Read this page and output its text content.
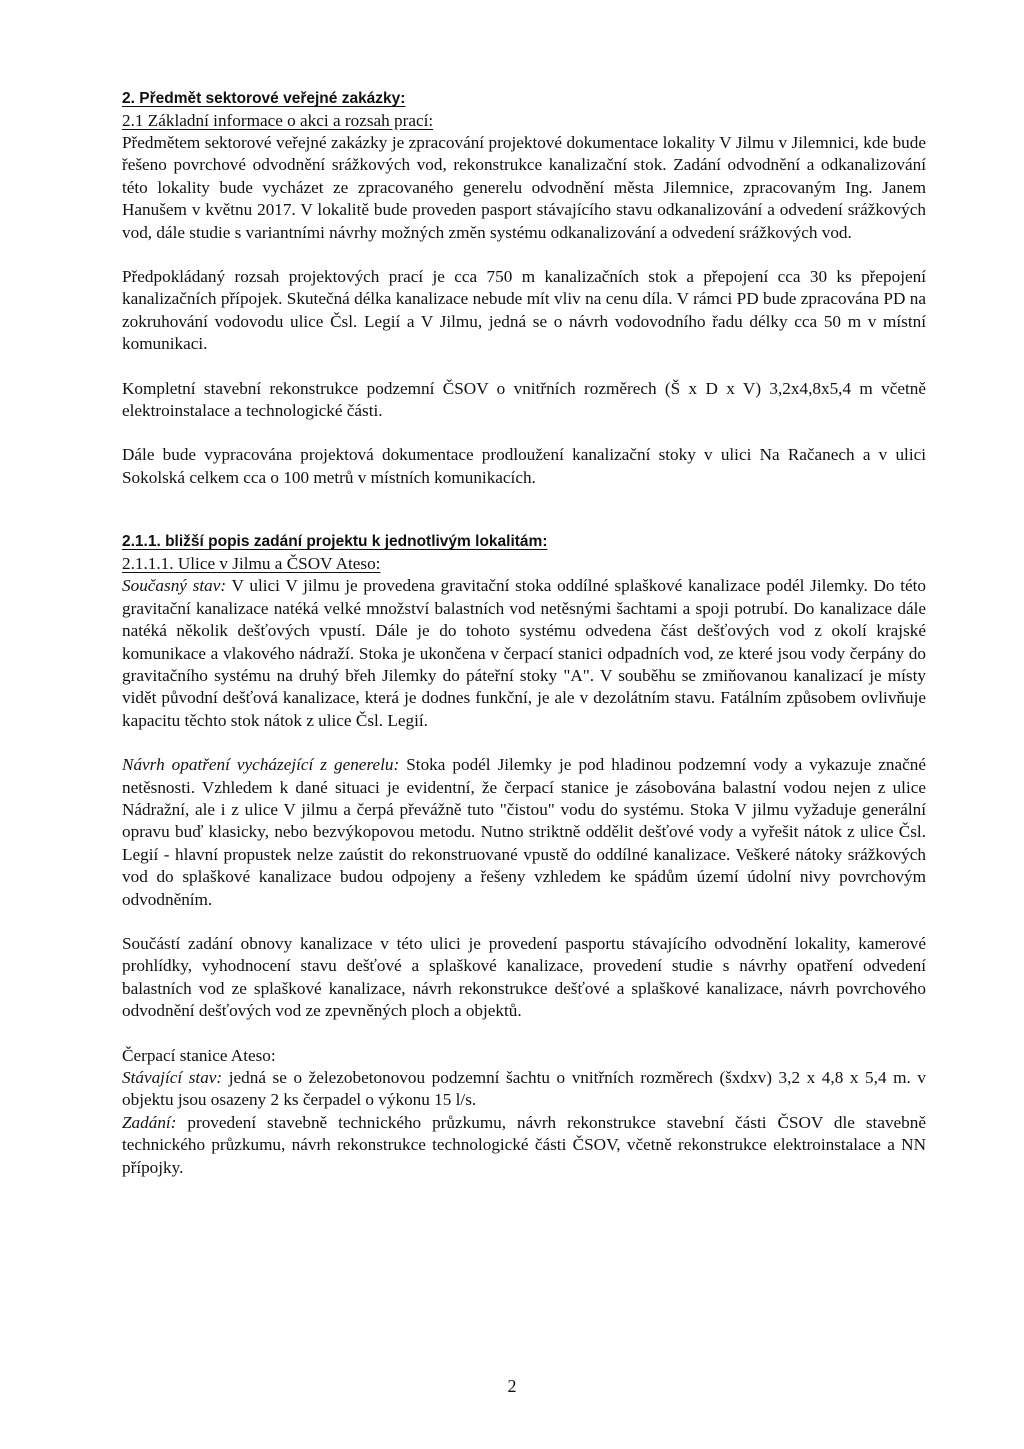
2. Předmět sektorové veřejné zakázky:

2.1 Základní informace o akci a rozsah prací:

Předmětem sektorové veřejné zakázky je zpracování projektové dokumentace lokality V Jilmu v Jilemnici, kde bude řešeno povrchové odvodnění srážkových vod, rekonstrukce kanalizační stok. Zadání odvodnění a odkanalizování této lokality bude vycházet ze zpracovaného generelu odvodnění města Jilemnice, zpracovaným Ing. Janem Hanušem v květnu 2017. V lokalitě bude proveden pasport stávajícího stavu odkanalizování a odvedení srážkových vod, dále studie s variantními návrhy možných změn systému odkanalizování a odvedení srážkových vod.

Předpokládaný rozsah projektových prací je cca 750 m kanalizačních stok a přepojení cca 30 ks přepojení kanalizačních přípojek. Skutečná délka kanalizace nebude mít vliv na cenu díla. V rámci PD bude zpracována PD na zokruhování vodovodu ulice Čsl. Legií a V Jilmu, jedná se o návrh vodovodního řadu délky cca 50 m v místní komunikaci.

Kompletní stavební rekonstrukce podzemní ČSOV o vnitřních rozměrech (Š x D x V) 3,2x4,8x5,4 m včetně elektroinstalace a technologické části.

Dále bude vypracována projektová dokumentace prodloužení kanalizační stoky v ulici Na Račanech a v ulici Sokolská celkem cca o 100 metrů v místních komunikacích.

2.1.1. bližší popis zadání projektu k jednotlivým lokalitám:

2.1.1.1. Ulice v Jilmu a ČSOV Ateso:

Současný stav: V ulici V jilmu je provedena gravitační stoka oddílné splaškové kanalizace podél Jilemky. Do této gravitační kanalizace natéká velké množství balastních vod netěsnými šachtami a spoji potrubí. Do kanalizace dále natéká několik dešťových vpustí. Dále je do tohoto systému odvedena část dešťových vod z okolí krajské komunikace a vlakového nádraží. Stoka je ukončena v čerpací stanici odpadních vod, ze které jsou vody čerpány do gravitačního systému na druhý břeh Jilemky do páteřní stoky "A". V souběhu se zmiňovanou kanalizací je místy vidět původní dešťová kanalizace, která je dodnes funkční, je ale v dezolátním stavu. Fatálním způsobem ovlivňuje kapacitu těchto stok nátok z ulice Čsl. Legií.

Návrh opatření vycházející z generelu: Stoka podél Jilemky je pod hladinou podzemní vody a vykazuje značné netěsnosti. Vzhledem k dané situaci je evidentní, že čerpací stanice je zásobována balastní vodou nejen z ulice Nádražní, ale i z ulice V jilmu a čerpá převážně tuto "čistou" vodu do systému. Stoka V jilmu vyžaduje generální opravu buď klasicky, nebo bezvýkopovou metodu. Nutno striktně oddělit dešťové vody a vyřešit nátok z ulice Čsl. Legií - hlavní propustek nelze zaústit do rekonstruované vpustě do oddílné kanalizace. Veškeré nátoky srážkových vod do splaškové kanalizace budou odpojeny a řešeny vzhledem ke spádům území údolní nivy povrchovým odvodněním.

Součástí zadání obnovy kanalizace v této ulici je provedení pasportu stávajícího odvodnění lokality, kamerové prohlídky, vyhodnocení stavu dešťové a splaškové kanalizace, provedení studie s návrhy opatření odvedení balastních vod ze splaškové kanalizace, návrh rekonstrukce dešťové a splaškové kanalizace, návrh povrchového odvodnění dešťových vod ze zpevněných ploch a objektů.

Čerpací stanice Ateso:

Stávající stav: jedná se o železobetonovou podzemní šachtu o vnitřních rozměrech (šxdxv) 3,2 x 4,8 x 5,4 m. v objektu jsou osazeny 2 ks čerpadel o výkonu 15 l/s.

Zadání: provedení stavebně technického průzkumu, návrh rekonstrukce stavební části ČSOV dle stavebně technického průzkumu, návrh rekonstrukce technologické části ČSOV, včetně rekonstrukce elektroinstalace a NN přípojky.

2
